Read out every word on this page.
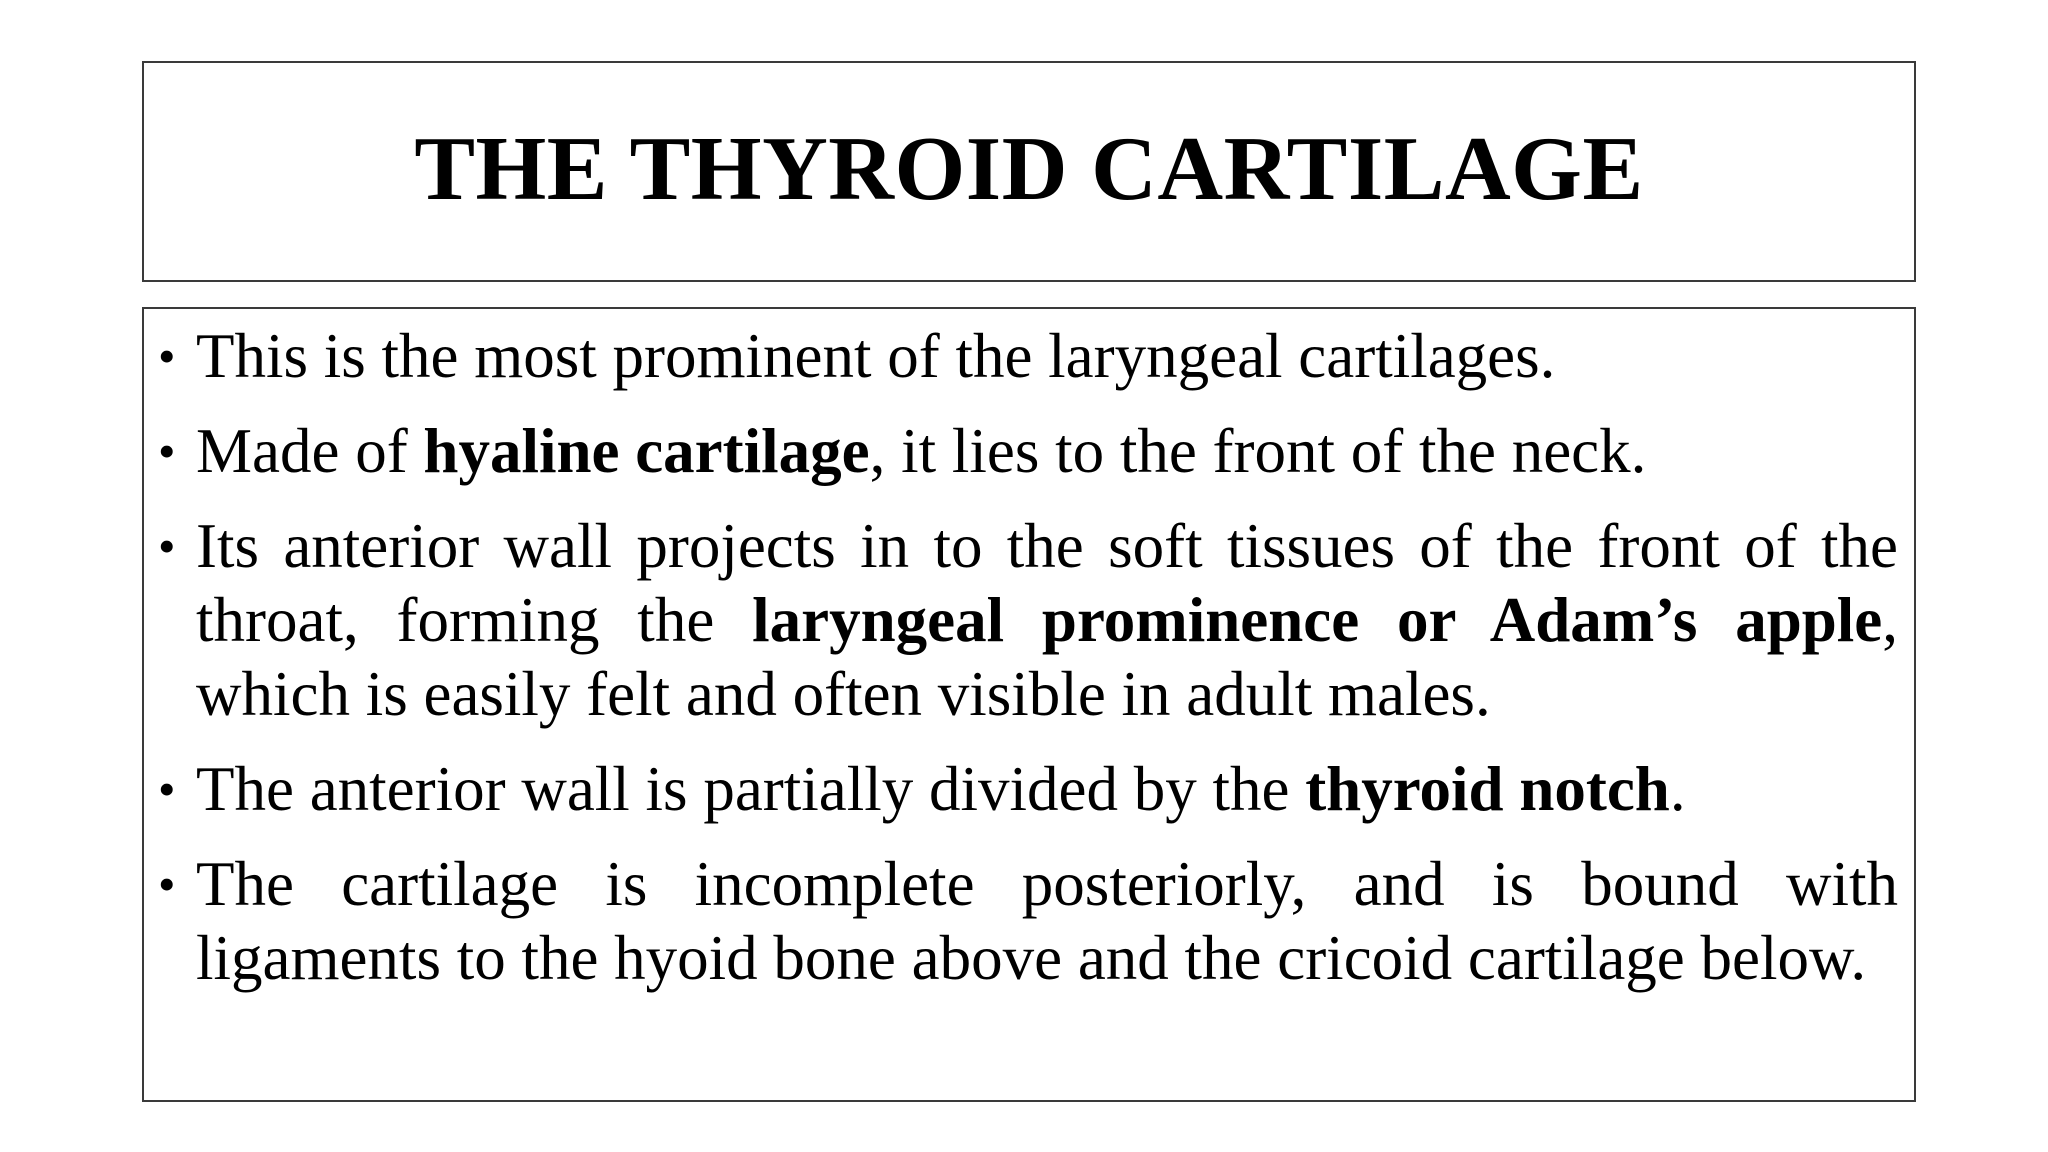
THE THYROID CARTILAGE
• This is the most prominent of the laryngeal cartilages.
• Made of hyaline cartilage, it lies to the front of the neck.
• Its anterior wall projects in to the soft tissues of the front of the throat, forming the laryngeal prominence or Adam’s apple, which is easily felt and often visible in adult males.
• The anterior wall is partially divided by the thyroid notch.
• The cartilage is incomplete posteriorly, and is bound with ligaments to the hyoid bone above and the cricoid cartilage below.
